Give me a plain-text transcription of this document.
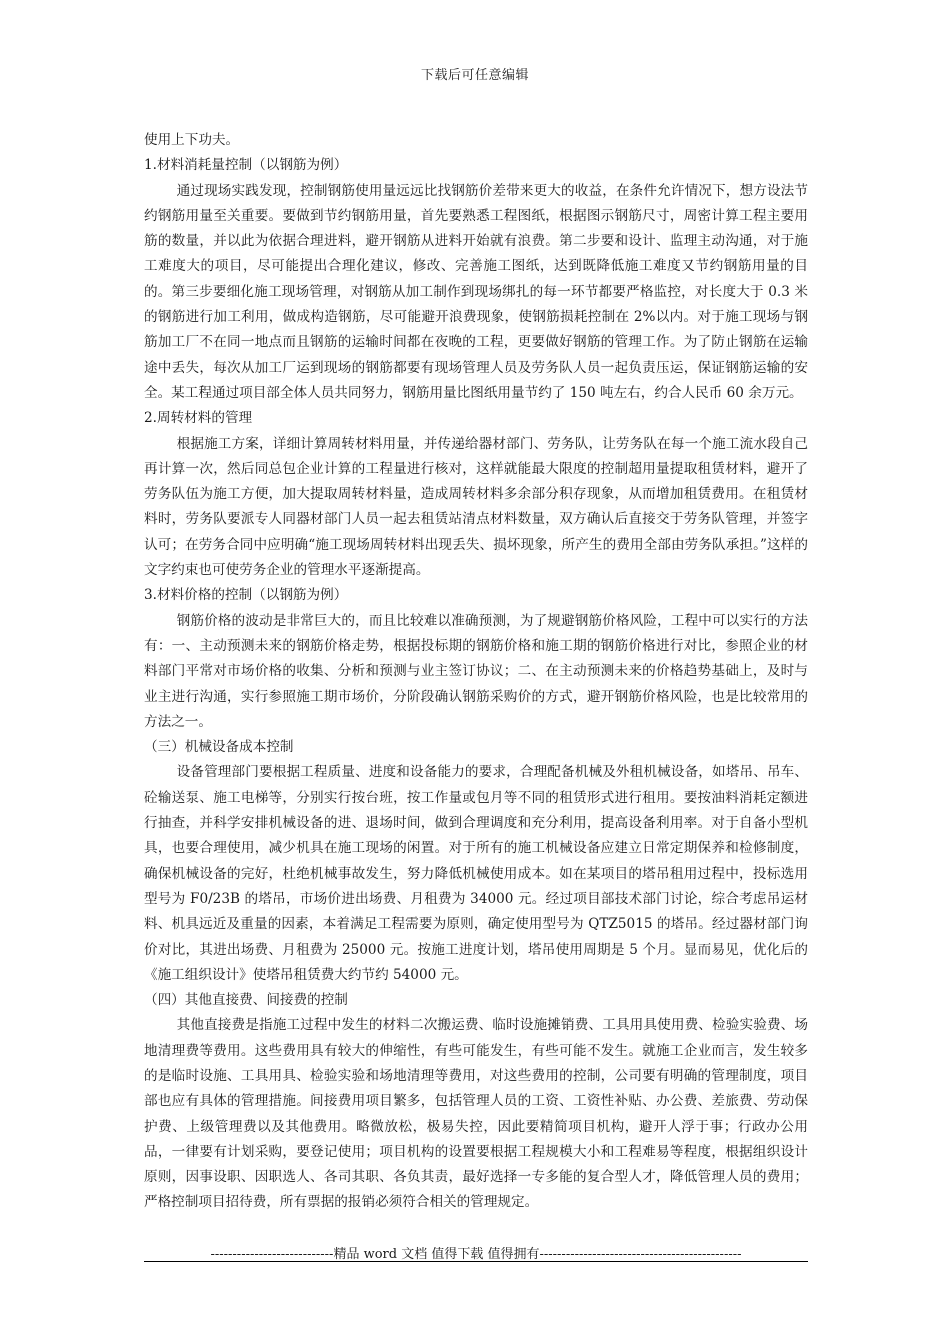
下载后可任意编辑

使用上下功夫。

1.材料消耗量控制（以钢筋为例）

通过现场实践发现，控制钢筋使用量远远比找钢筋价差带来更大的收益，在条件允许情况下，想方设法节约钢筋用量至关重要。要做到节约钢筋用量，首先要熟悉工程图纸，根据图示钢筋尺寸，周密计算工程主要用筋的数量，并以此为依据合理进料，避开钢筋从进料开始就有浪费。第二步要和设计、监理主动沟通，对于施工难度大的项目，尽可能提出合理化建议，修改、完善施工图纸，达到既降低施工难度又节约钢筋用量的目的。第三步要细化施工现场管理，对钢筋从加工制作到现场绑扎的每一环节都要严格监控，对长度大于 0.3 米的钢筋进行加工利用，做成构造钢筋，尽可能避开浪费现象，使钢筋损耗控制在 2%以内。对于施工现场与钢筋加工厂不在同一地点而且钢筋的运输时间都在夜晚的工程，更要做好钢筋的管理工作。为了防止钢筋在运输途中丢失，每次从加工厂运到现场的钢筋都要有现场管理人员及劳务队人员一起负责压运，保证钢筋运输的安全。某工程通过项目部全体人员共同努力，钢筋用量比图纸用量节约了 150 吨左右，约合人民币 60 余万元。

2.周转材料的管理

根据施工方案，详细计算周转材料用量，并传递给器材部门、劳务队，让劳务队在每一个施工流水段自己再计算一次，然后同总包企业计算的工程量进行核对，这样就能最大限度的控制超用量提取租赁材料，避开了劳务队伍为施工方便，加大提取周转材料量，造成周转材料多余部分积存现象，从而增加租赁费用。在租赁材料时，劳务队要派专人同器材部门人员一起去租赁站清点材料数量，双方确认后直接交于劳务队管理，并签字认可；在劳务合同中应明确“施工现场周转材料出现丢失、损坏现象，所产生的费用全部由劳务队承担。”这样的文字约束也可使劳务企业的管理水平逐渐提高。

3.材料价格的控制（以钢筋为例）

钢筋价格的波动是非常巨大的，而且比较难以准确预测，为了规避钢筋价格风险，工程中可以实行的方法有：一、主动预测未来的钢筋价格走势，根据投标期的钢筋价格和施工期的钢筋价格进行对比，参照企业的材料部门平常对市场价格的收集、分析和预测与业主签订协议；二、在主动预测未来的价格趋势基础上，及时与业主进行沟通，实行参照施工期市场价，分阶段确认钢筋采购价的方式，避开钢筋价格风险，也是比较常用的方法之一。

（三）机械设备成本控制

设备管理部门要根据工程质量、进度和设备能力的要求，合理配备机械及外租机械设备，如塔吊、吊车、砼输送泵、施工电梯等，分别实行按台班，按工作量或包月等不同的租赁形式进行租用。要按油料消耗定额进行抽查，并科学安排机械设备的进、退场时间，做到合理调度和充分利用，提高设备利用率。对于自备小型机具，也要合理使用，减少机具在施工现场的闲置。对于所有的施工机械设备应建立日常定期保养和检修制度，确保机械设备的完好，杜绝机械事故发生，努力降低机械使用成本。如在某项目的塔吊租用过程中，投标选用型号为 F0/23B 的塔吊，市场价进出场费、月租费为 34000 元。经过项目部技术部门讨论，综合考虑吊运材料、机具远近及重量的因素，本着满足工程需要为原则，确定使用型号为 QTZ5015 的塔吊。经过器材部门询价对比，其进出场费、月租费为 25000 元。按施工进度计划，塔吊使用周期是 5 个月。显而易见，优化后的《施工组织设计》使塔吊租赁费大约节约 54000 元。

（四）其他直接费、间接费的控制

其他直接费是指施工过程中发生的材料二次搬运费、临时设施摊销费、工具用具使用费、检验实验费、场地清理费等费用。这些费用具有较大的伸缩性，有些可能发生，有些可能不发生。就施工企业而言，发生较多的是临时设施、工具用具、检验实验和场地清理等费用，对这些费用的控制，公司要有明确的管理制度，项目部也应有具体的管理措施。间接费用项目繁多，包括管理人员的工资、工资性补贴、办公费、差旅费、劳动保护费、上级管理费以及其他费用。略微放松，极易失控，因此要精简项目机构，避开人浮于事；行政办公用品，一律要有计划采购，要登记使用；项目机构的设置要根据工程规模大小和工程难易等程度，根据组织设计原则，因事设职、因职选人、各司其职、各负其责，最好选择一专多能的复合型人才，降低管理人员的费用；严格控制项目招待费，所有票据的报销必须符合相关的管理规定。

----------------------------精品 word 文档 值得下载 值得拥有----------------------------------------------
